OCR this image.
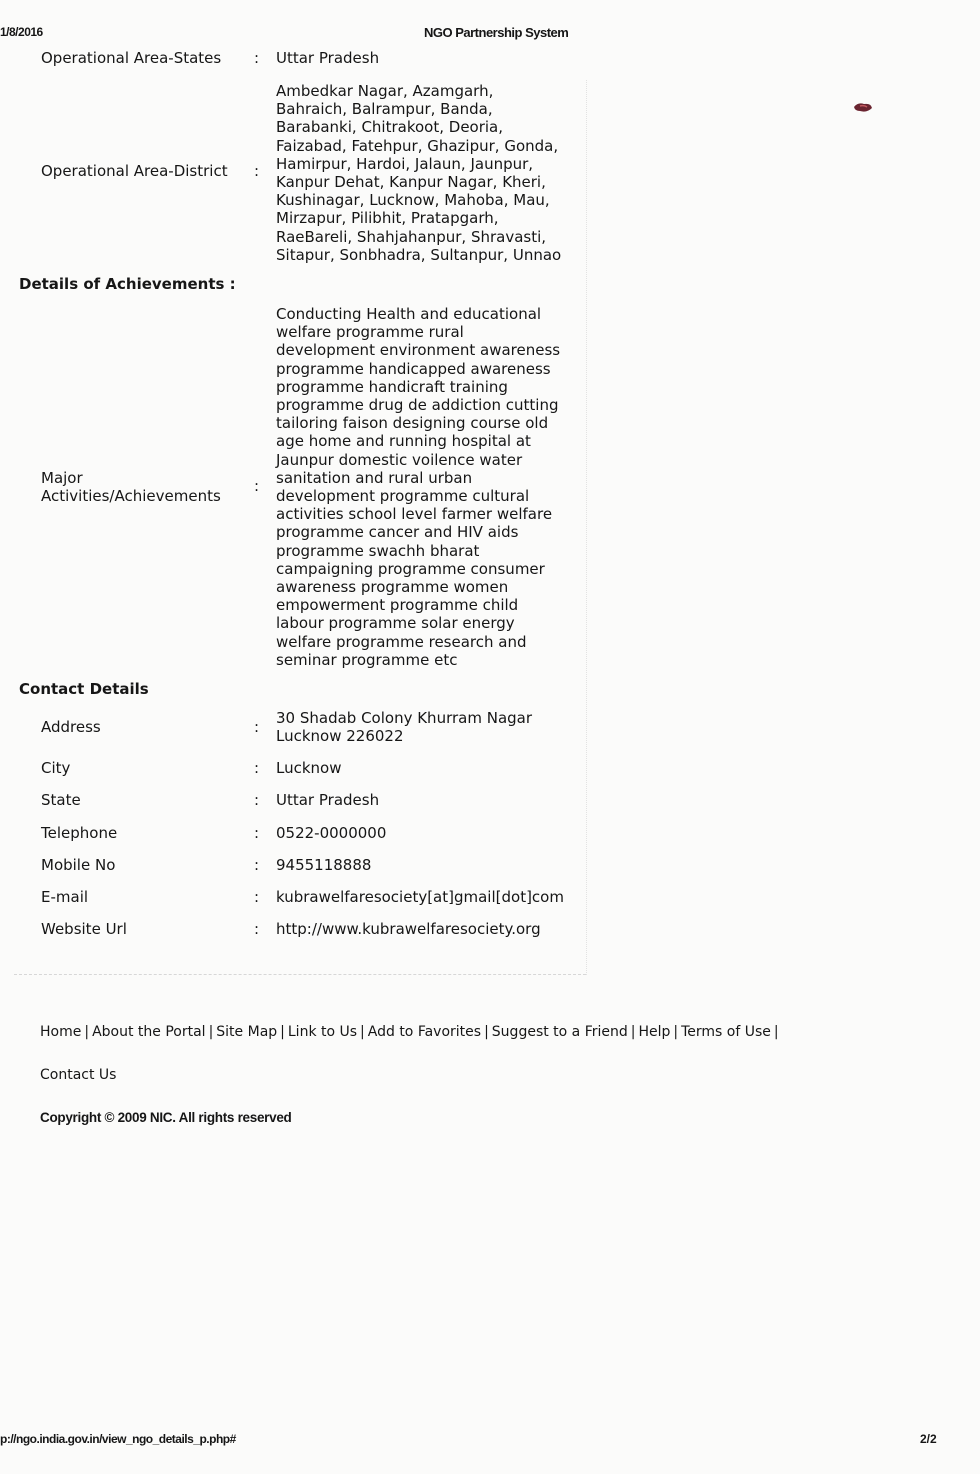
1/8/2016	NGO Partnership System
Operational Area-States	: Uttar Pradesh
Operational Area-District	:
Ambedkar Nagar, Azamgarh,
Bahraich, Balrampur, Banda,
Barabanki, Chitrakoot, Deoria,
Faizabad, Fatehpur, Ghazipur, Gonda,
Hamirpur, Hardoi, Jalaun, Jaunpur,
Kanpur Dehat, Kanpur Nagar, Kheri,
Kushinagar, Lucknow, Mahoba, Mau,
Mirzapur, Pilibhit, Pratapgarh,
RaeBareli, Shahjahanpur, Shravasti,
Sitapur, Sonbhadra, Sultanpur, Unnao
Details of Achievements :
Major
Activities/Achievements
:
Conducting Health and educational
welfare programme rural
development environment awareness
programme handicapped awareness
programme handicraft training
programme drug de addiction cutting
tailoring faison designing course old
age home and running hospital at
Jaunpur domestic voilence water
sanitation and rural urban
development programme cultural
activities school level farmer welfare
programme cancer and HIV aids
programme swachh bharat
campaigning programme consumer
awareness programme women
empowerment programme child
labour programme solar energy
welfare programme research and
seminar programme etc
Contact Details
Address	: 30 Shadab Colony Khurram Nagar
Lucknow 226022
City	: Lucknow
State	: Uttar Pradesh
Telephone	: 0522-0000000
Mobile No	: 9455118888
E-mail	: kubrawelfaresociety[at]gmail[dot]com
Website Url	: http://www.kubrawelfaresociety.org
Home | About the Portal | Site Map | Link to Us | Add to Favorites | Suggest to a Friend | Help | Terms of Use |
Contact Us
Copyright © 2009 NIC. All rights reserved
p://ngo.india.gov.in/view_ngo_details_p.php#	2/2
